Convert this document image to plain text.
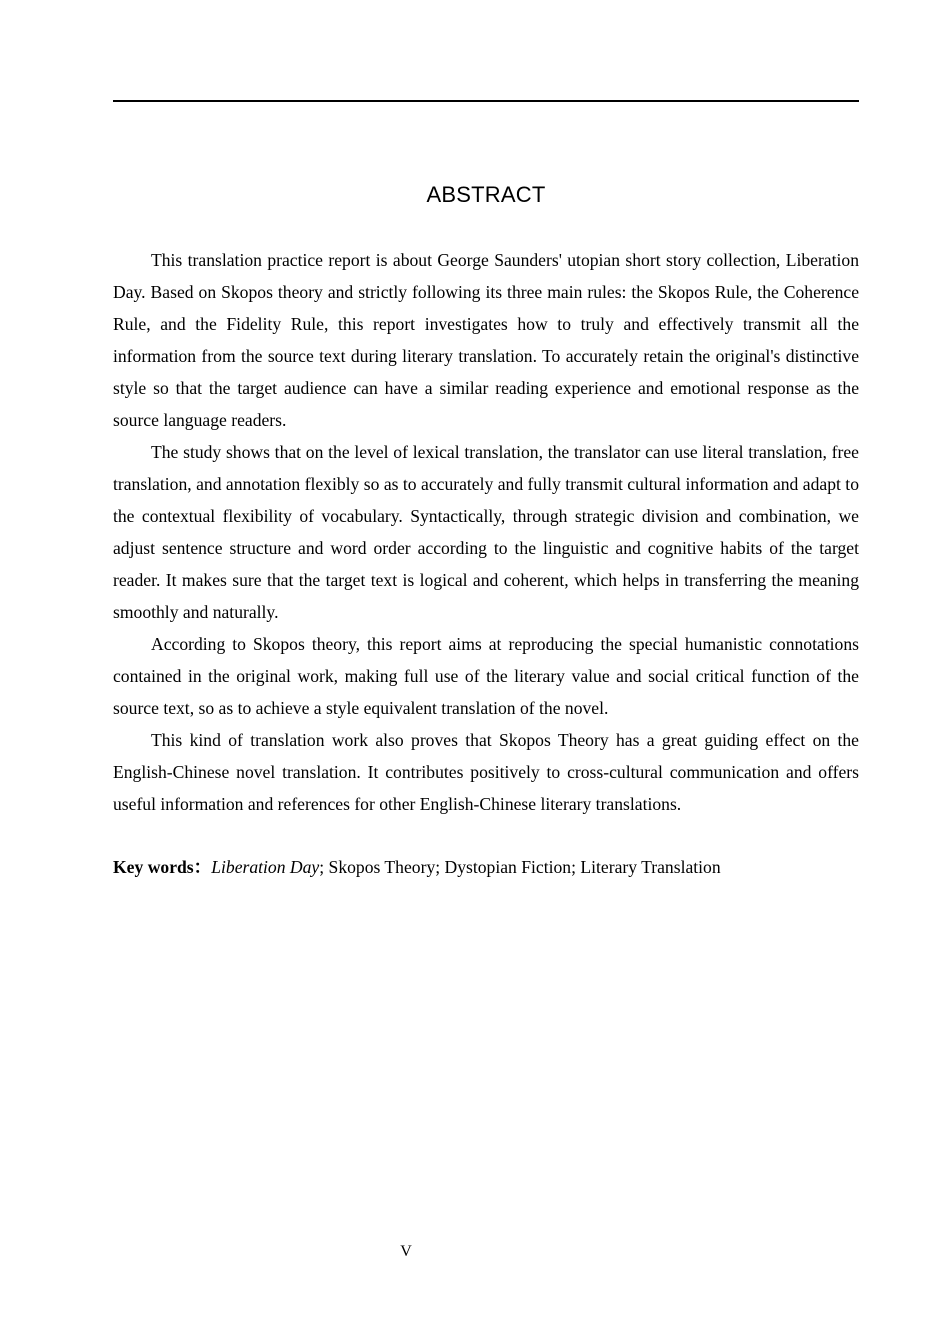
ABSTRACT

This translation practice report is about George Saunders' utopian short story collection, Liberation Day. Based on Skopos theory and strictly following its three main rules: the Skopos Rule, the Coherence Rule, and the Fidelity Rule, this report investigates how to truly and effectively transmit all the information from the source text during literary translation. To accurately retain the original's distinctive style so that the target audience can have a similar reading experience and emotional response as the source language readers.

The study shows that on the level of lexical translation, the translator can use literal translation, free translation, and annotation flexibly so as to accurately and fully transmit cultural information and adapt to the contextual flexibility of vocabulary. Syntactically, through strategic division and combination, we adjust sentence structure and word order according to the linguistic and cognitive habits of the target reader. It makes sure that the target text is logical and coherent, which helps in transferring the meaning smoothly and naturally.

According to Skopos theory, this report aims at reproducing the special humanistic connotations contained in the original work, making full use of the literary value and social critical function of the source text, so as to achieve a style equivalent translation of the novel.

This kind of translation work also proves that Skopos Theory has a great guiding effect on the English-Chinese novel translation. It contributes positively to cross-cultural communication and offers useful information and references for other English-Chinese literary translations.

Key words：Liberation Day; Skopos Theory; Dystopian Fiction; Literary Translation
V
